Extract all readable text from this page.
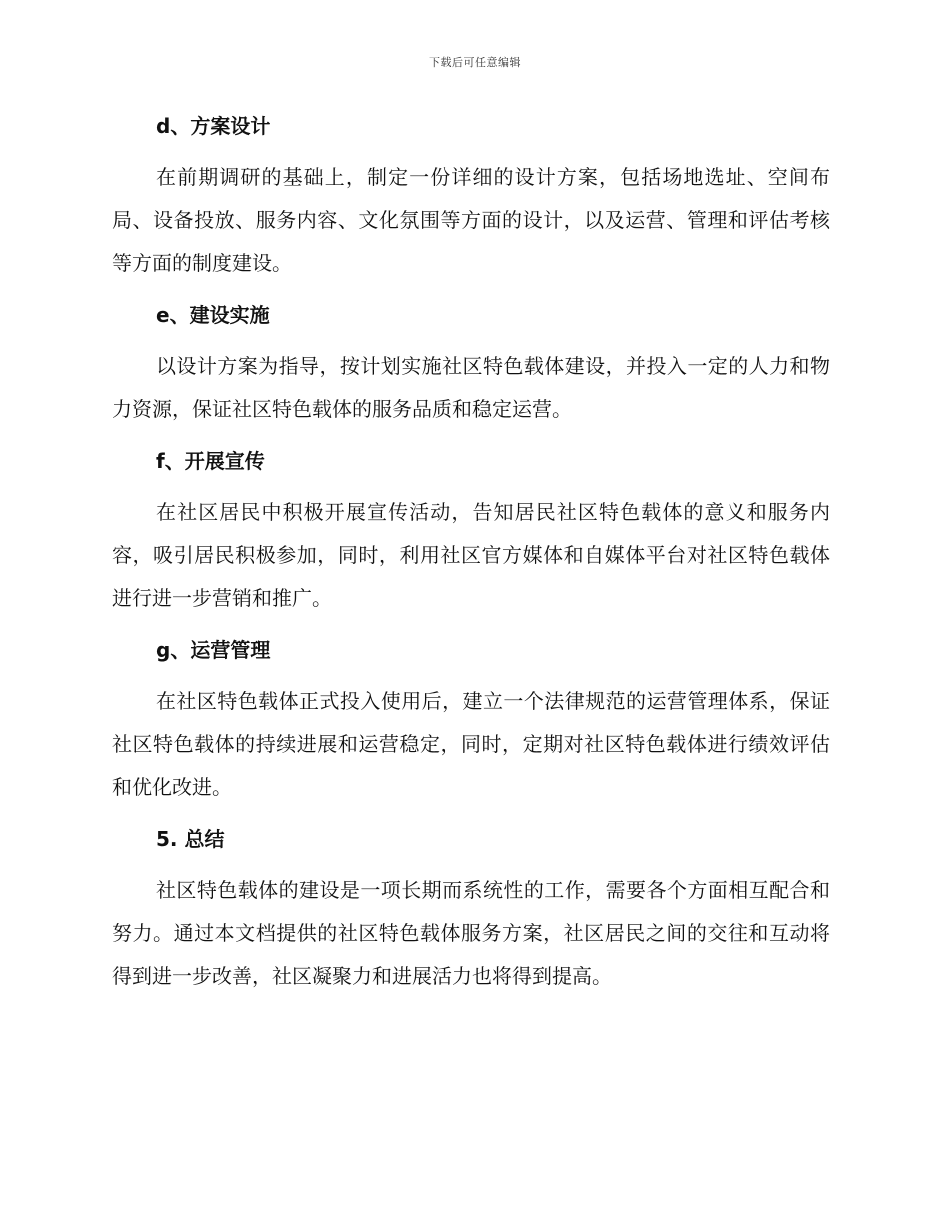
下载后可任意编辑
d、方案设计

在前期调研的基础上，制定一份详细的设计方案，包括场地选址、空间布局、设备投放、服务内容、文化氛围等方面的设计，以及运营、管理和评估考核等方面的制度建设。

e、建设实施

以设计方案为指导，按计划实施社区特色载体建设，并投入一定的人力和物力资源，保证社区特色载体的服务品质和稳定运营。

f、开展宣传

在社区居民中积极开展宣传活动，告知居民社区特色载体的意义和服务内容，吸引居民积极参加，同时，利用社区官方媒体和自媒体平台对社区特色载体进行进一步营销和推广。

g、运营管理

在社区特色载体正式投入使用后，建立一个法律规范的运营管理体系，保证社区特色载体的持续进展和运营稳定，同时，定期对社区特色载体进行绩效评估和优化改进。

5. 总结

社区特色载体的建设是一项长期而系统性的工作，需要各个方面相互配合和努力。通过本文档提供的社区特色载体服务方案，社区居民之间的交往和互动将得到进一步改善，社区凝聚力和进展活力也将得到提高。
